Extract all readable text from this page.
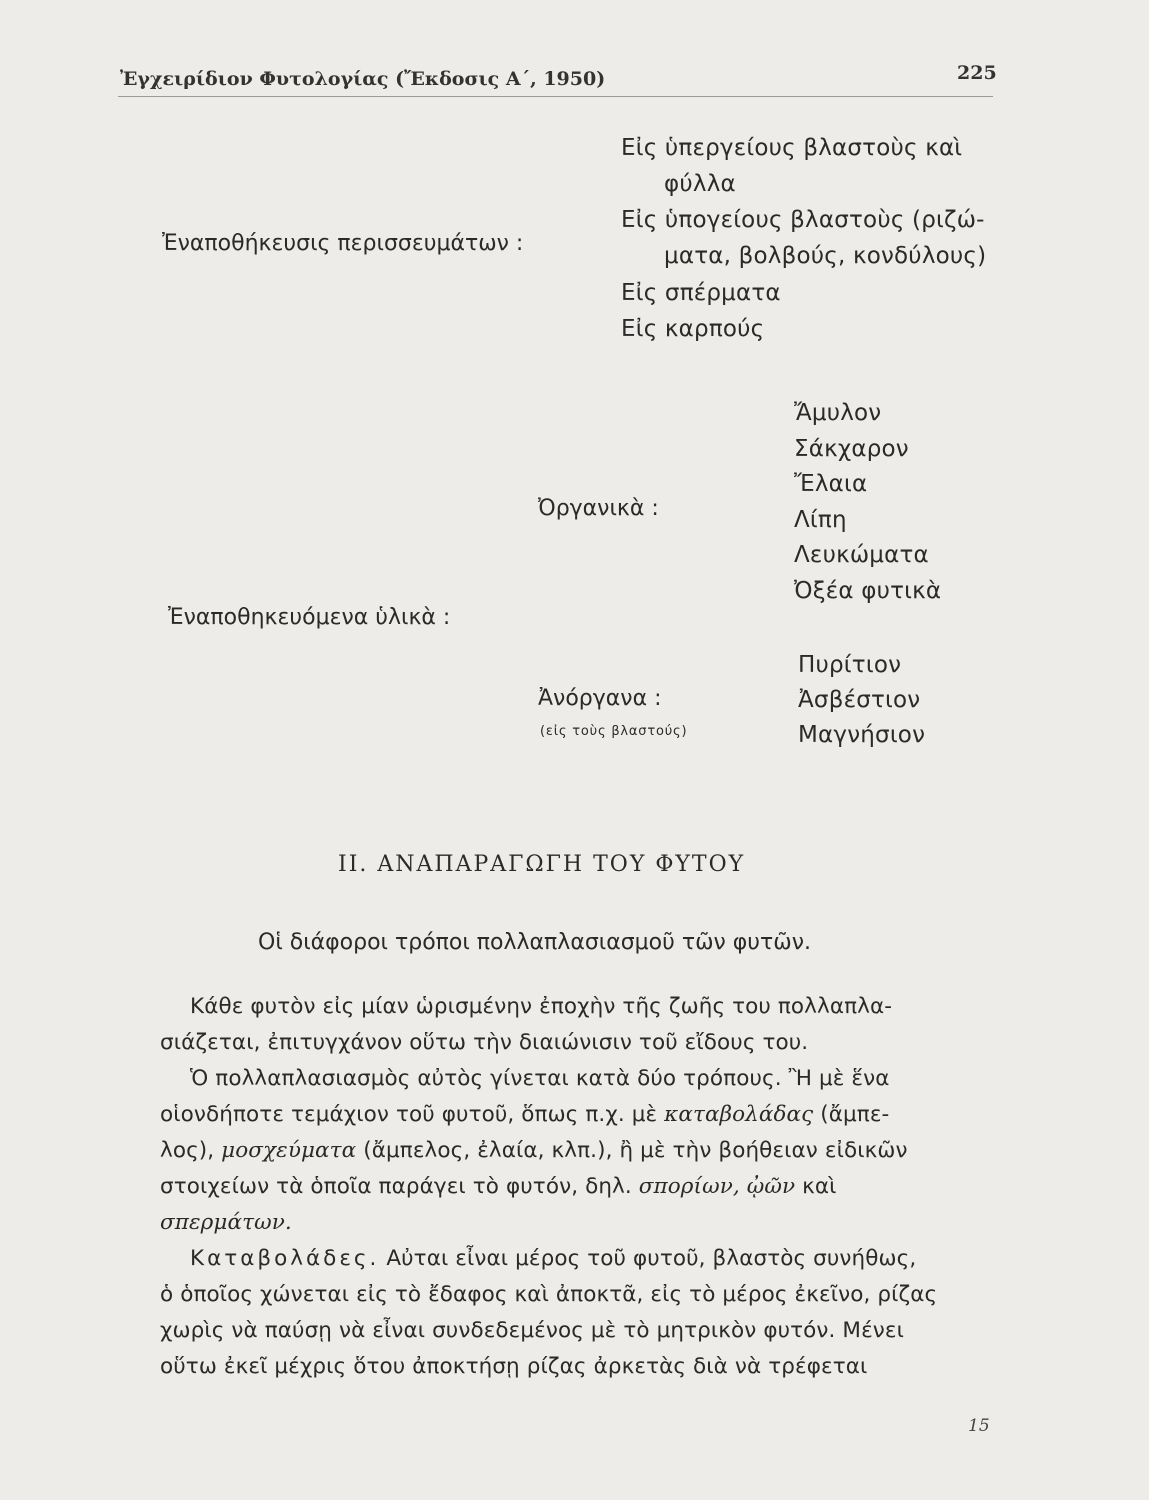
Ἐγχειρίδιον Φυτολογίας (Ἔκδοσις Α΄, 1950)	225
Ἐναποθήκευσις περισσευμάτων :
Εἰς ὑπεργείους βλαστοὺς καὶ
φύλλα
Εἰς ὑπογείους βλαστοὺς (ριζώ-
ματα, βολβούς, κονδύλους)
Εἰς σπέρματα
Εἰς καρπούς
Ἐναποθηκευόμενα ὑλικὰ :
Ὀργανικὰ :
Ἄμυλον
Σάκχαρον
Ἔλαια
Λίπη
Λευκώματα
Ὀξέα φυτικὰ
Ἀνόργανα :
(εἰς τοὺς βλαστούς)
Πυρίτιον
Ἀσβέστιον
Μαγνήσιον
ΙΙ. ΑΝΑΠΑΡΑΓΩΓΗ ΤΟΥ ΦΥΤΟΥ
Οἱ διάφοροι τρόποι πολλαπλασιασμοῦ τῶν φυτῶν.
Κάθε φυτὸν εἰς μίαν ὡρισμένην ἐποχὴν τῆς ζωῆς του πολλαπλα-
σιάζεται, ἐπιτυγχάνον οὕτω τὴν διαιώνισιν τοῦ εἴδους του.
Ὁ πολλαπλασιασμὸς αὐτὸς γίνεται κατὰ δύο τρόπους. Ἢ μὲ ἕνα
οἱονδήποτε τεμάχιον τοῦ φυτοῦ, ὅπως π.χ. μὲ καταβολάδας (ἄμπε-
λος), μοσχεύματα (ἄμπελος, ἐλαία, κλπ.), ἢ μὲ τὴν βοήθειαν εἰδικῶν
στοιχείων τὰ ὁποῖα παράγει τὸ φυτόν, δηλ. σπορίων, ᾠῶν καὶ
σπερμάτων.
Καταβολάδες. Αὐται εἶναι μέρος τοῦ φυτοῦ, βλαστὸς συνήθως,
ὁ ὁποῖος χώνεται εἰς τὸ ἔδαφος καὶ ἀποκτᾶ, εἰς τὸ μέρος ἐκεῖνο, ρίζας
χωρὶς νὰ παύσῃ νὰ εἶναι συνδεδεμένος μὲ τὸ μητρικὸν φυτόν. Μένει
οὕτω ἐκεῖ μέχρις ὅτου ἀποκτήσῃ ρίζας ἀρκετὰς διὰ νὰ τρέφεται
15
